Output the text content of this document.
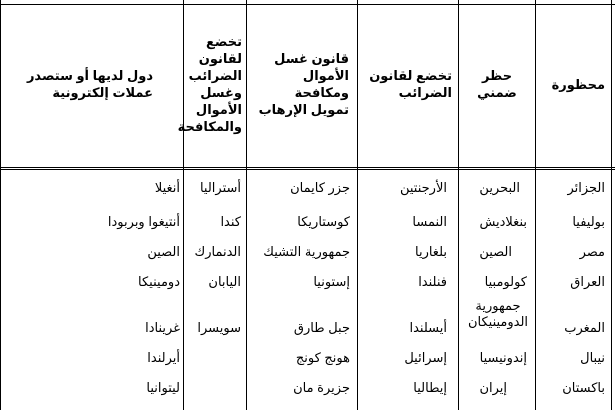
محظورة
حظر ضمني
تخضع لقانون الضرائب
قانون غسل الأموال ومكافحة تمويل الإرهاب
تخضع لقانون الضرائب وغسل الأموال والمكافحة
دول لديها أو ستصدر عملات إلكترونية
الجزائر
بوليفيا
مصر
العراق
المغرب
نيبال
باكستان
البحرين
بنغلاديش
الصين
كولومبيا
جمهورية الدومينيكان
إندونيسيا
إيران
الأرجنتين
النمسا
بلغاريا
فنلندا
أيسلندا
إسرائيل
إيطاليا
جزر كايمان
كوستاريكا
جمهورية التشيك
إستونيا
جبل طارق
هونج كونج
جزيرة مان
أستراليا
كندا
الدنمارك
اليابان
سويسرا
أنغيلا
أنتيغوا وبربودا
الصين
دومينيكا
غرينادا
أيرلندا
ليتوانيا
